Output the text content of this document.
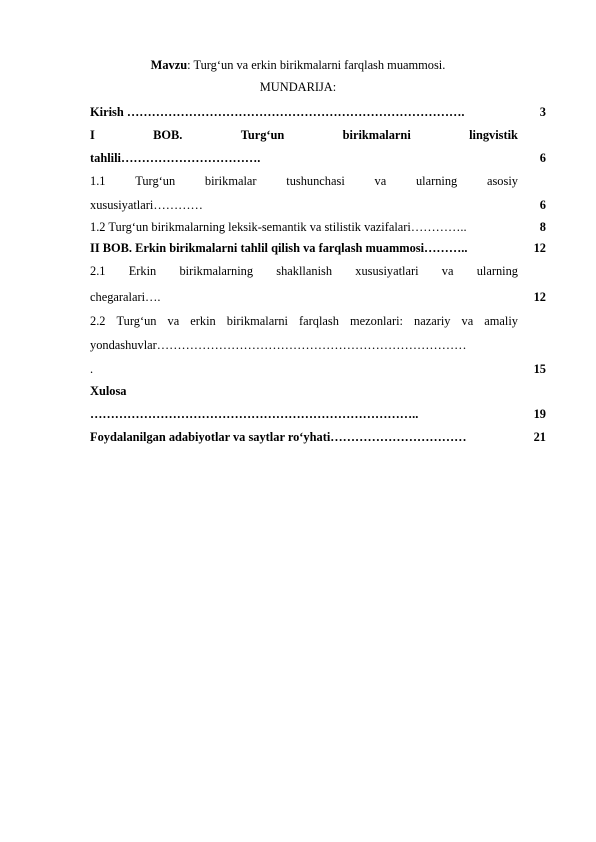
Mavzu: Turg‘un va erkin birikmalarni farqlash muammosi.
MUNDARIJA:
Kirish ……………………………………………………………………….	3
I	BOB.	Turg‘un	birikmalarni	lingvistik
tahlili…………………………….	6
1.1 Turg‘un birikmalar tushunchasi va ularning asosiy
xususiyatlari…………	6
1.2 Turg‘un birikmalarning leksik-semantik va stilistik vazifalari…………..	8
II BOB. Erkin birikmalarni tahlil qilish va farqlash muammosi………..	12
2.1 Erkin birikmalarning shakllanish xususiyatlari va ularning
chegaralari….	12
2.2 Turg‘un va erkin birikmalarni farqlash mezonlari: nazariy va amaliy
yondashuvlar…………………………………………………………………
.	15
Xulosa
……………………………………………………………………..	19
Foydalanilgan adabiyotlar va saytlar ro‘yhati……………………………	21
